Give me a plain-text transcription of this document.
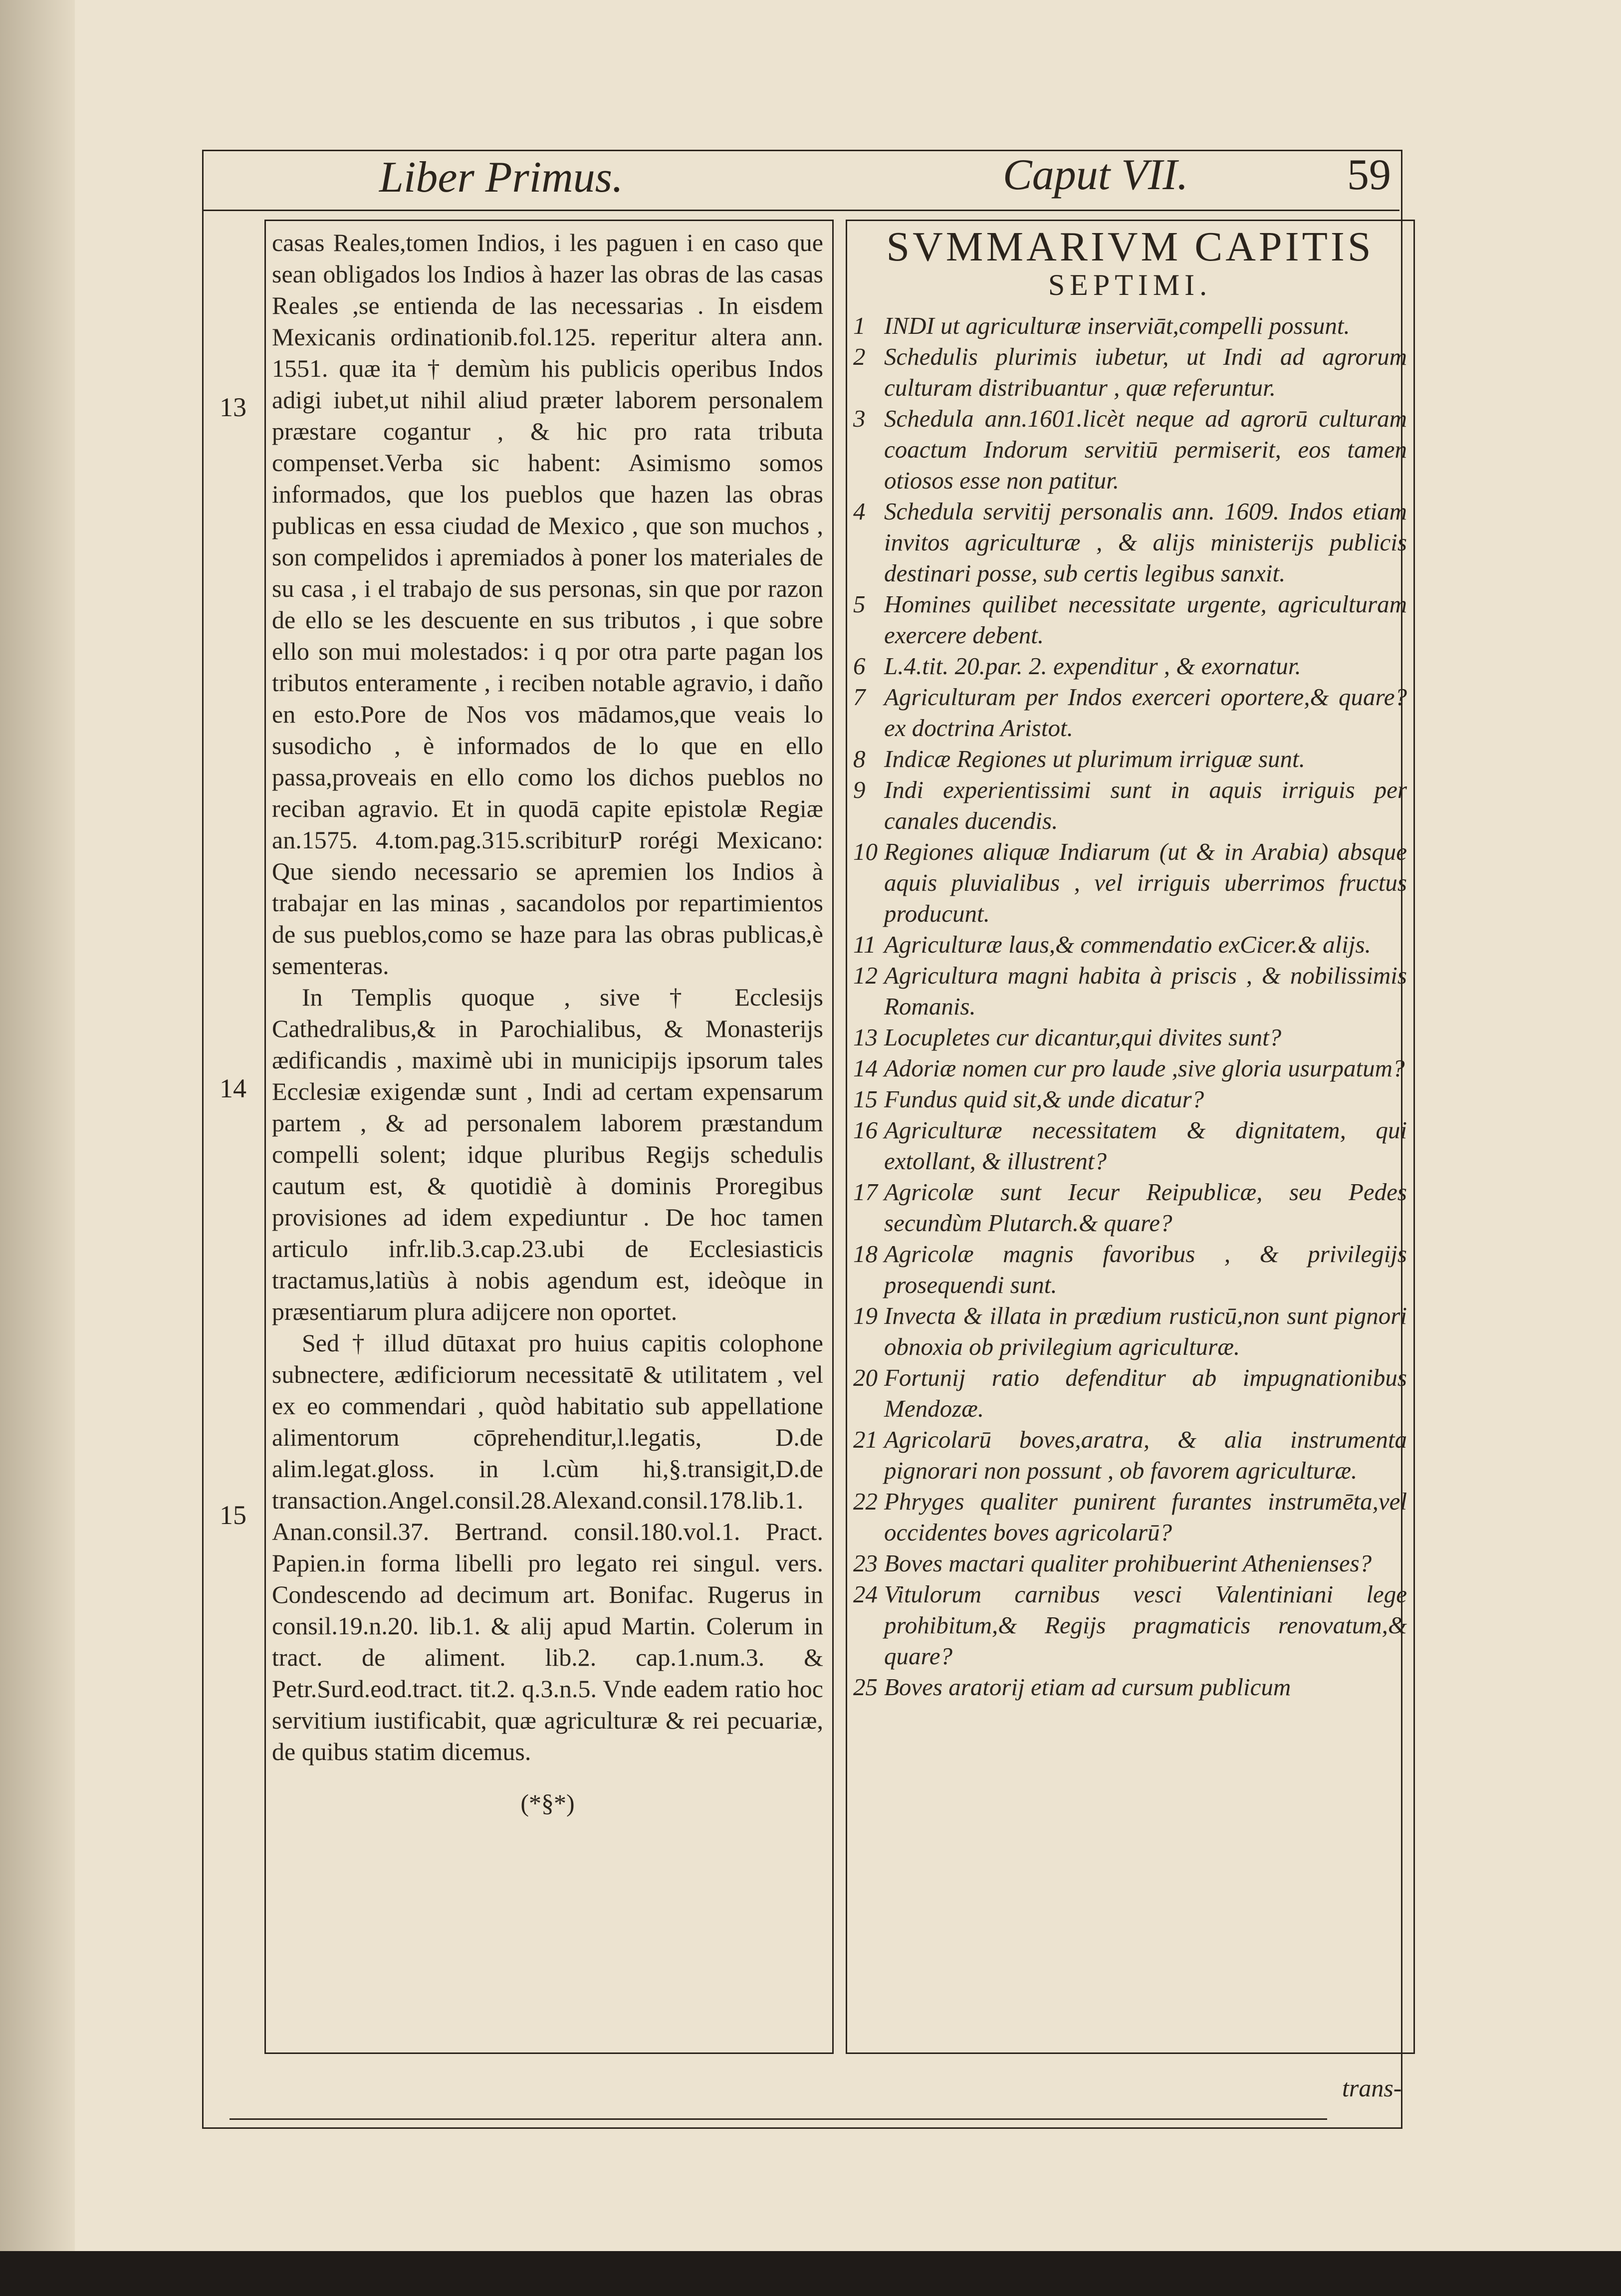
Liber Primus.	Caput VII.	59
13
14
15

casas Reales,tomen Indios, i les paguen i en caso que sean obligados los Indios à hazer las obras de las casas Reales ,se entienda de las necessarias . In eisdem Mexicanis ordinationib.fol.125. reperitur altera ann. 1551. quæ ita † demùm his publicis operibus Indos adigi iubet,ut nihil aliud præter laborem personalem præstare cogantur , & hic pro rata tributa compenset.Verba sic habent: Asimismo somos informados, que los pueblos que hazen las obras publicas en essa ciudad de Mexico , que son muchos , son compelidos i apremiados à poner los materiales de su casa , i el trabajo de sus personas, sin que por razon de ello se les descuente en sus tributos , i que sobre ello son mui molestados: i q por otra parte pagan los tributos enteramente , i reciben notable agravio, i daño en esto.Pore de Nos vos mādamos,que veais lo susodicho , è informados de lo que en ello passa,proveais en ello como los dichos pueblos no reciban agravio. Et in quodā capite epistolæ Regiæ an.1575. 4.tom.pag.315.scribiturP rorégi Mexicano: Que siendo necessario se apremien los Indios à trabajar en las minas , sacandolos por repartimientos de sus pueblos,como se haze para las obras publicas,è sementeras.

In Templis quoque , sive † Ecclesijs Cathedralibus,& in Parochialibus, & Monasterijs ædificandis , maximè ubi in municipijs ipsorum tales Ecclesiæ exigendæ sunt , Indi ad certam expensarum partem , & ad personalem laborem præstandum compelli solent; idque pluribus Regijs schedulis cautum est, & quotidiè à dominis Proregibus provisiones ad idem expediuntur . De hoc tamen articulo infr.lib.3.cap.23.ubi de Ecclesiasticis tractamus,latiùs à nobis agendum est, ideòque in præsentiarum plura adijcere non oportet.

Sed † illud dūtaxat pro huius capitis colophone subnectere, ædificiorum necessitatē & utilitatem , vel ex eo commendari , quòd habitatio sub appellatione alimentorum cōprehenditur,l.legatis, D.de alim.legat.gloss. in l.cùm hi,§.transigit,D.de transaction.Angel.consil.28.Alexand.consil.178.lib.1. Anan.consil.37. Bertrand. consil.180.vol.1. Pract. Papien.in forma libelli pro legato rei singul. vers. Condescendo ad decimum art. Bonifac. Rugerus in consil.19.n.20. lib.1. & alij apud Martin. Colerum in tract. de aliment. lib.2. cap.1.num.3. & Petr.Surd.eod.tract. tit.2. q.3.n.5. Vnde eadem ratio hoc servitium iustificabit, quæ agriculturæ & rei pecuariæ, de quibus statim dicemus.

(*§*)
SVMMARIVM CAPITIS
SEPTIMI.
1 INDI ut agriculturæ inserviāt,compelli possunt.
2 Schedulis plurimis iubetur, ut Indi ad agrorum culturam distribuantur , quæ referuntur.
3 Schedula ann.1601.licèt neque ad agrorū culturam coactum Indorum servitiū permiserit, eos tamen otiosos esse non patitur.
4 Schedula servitij personalis ann. 1609. Indos etiam invitos agriculturæ , & alijs ministerijs publicis destinari posse, sub certis legibus sanxit.
5 Homines quilibet necessitate urgente, agriculturam exercere debent.
6 L.4.tit. 20.par. 2. expenditur , & exornatur.
7 Agriculturam per Indos exerceri oportere,& quare? ex doctrina Aristot.
8 Indicæ Regiones ut plurimum irriguæ sunt.
9 Indi experientissimi sunt in aquis irriguis per canales ducendis.
10 Regiones aliquæ Indiarum (ut & in Arabia) absque aquis pluvialibus , vel irriguis uberrimos fructus producunt.
11 Agriculturæ laus,& commendatio exCicer.& alijs.
12 Agricultura magni habita à priscis , & nobilissimis Romanis.
13 Locupletes cur dicantur,qui divites sunt?
14 Adoriæ nomen cur pro laude ,sive gloria usurpatum?
15 Fundus quid sit,& unde dicatur?
16 Agriculturæ necessitatem & dignitatem, qui extollant, & illustrent?
17 Agricolæ sunt Iecur Reipublicæ, seu Pedes secundùm Plutarch.& quare?
18 Agricolæ magnis favoribus , & privilegijs prosequendi sunt.
19 Invecta & illata in prædium rusticū,non sunt pignori obnoxia ob privilegium agriculturæ.
20 Fortunij ratio defenditur ab impugnationibus Mendozæ.
21 Agricolarū boves,aratra, & alia instrumenta pignorari non possunt , ob favorem agriculturæ.
22 Phryges qualiter punirent furantes instrumēta,vel occidentes boves agricolarū?
23 Boves mactari qualiter prohibuerint Athenienses?
24 Vitulorum carnibus vesci Valentiniani lege prohibitum,& Regijs pragmaticis renovatum,& quare?
25 Boves aratorij etiam ad cursum publicum
trans-
